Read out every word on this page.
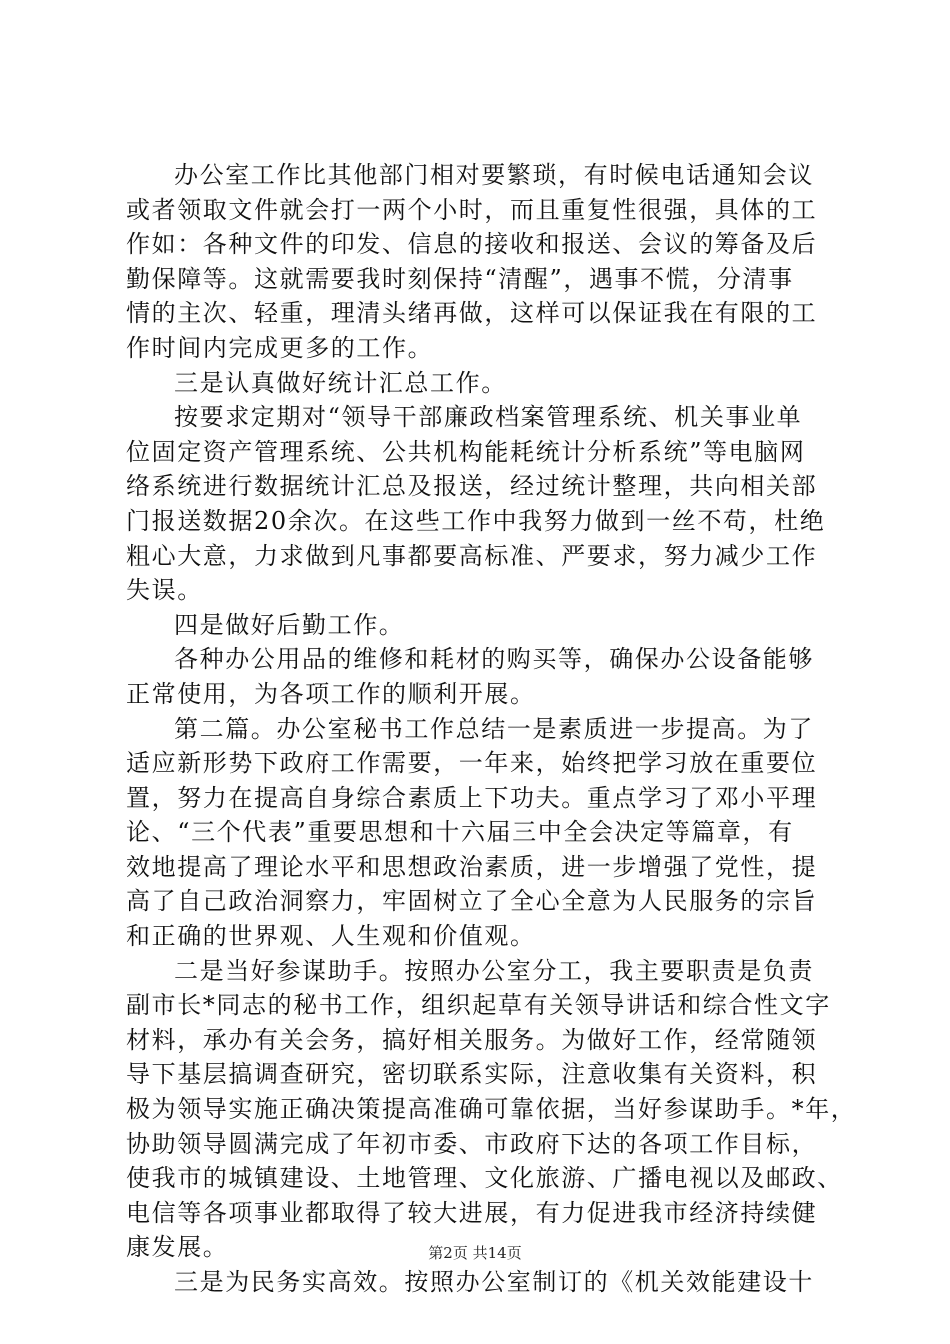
办公室工作比其他部门相对要繁琐，有时候电话通知会议
或者领取文件就会打一两个小时，而且重复性很强，具体的工
作如：各种文件的印发、信息的接收和报送、会议的筹备及后
勤保障等。这就需要我时刻保持“清醒”，遇事不慌，分清事
情的主次、轻重，理清头绪再做，这样可以保证我在有限的工
作时间内完成更多的工作。
三是认真做好统计汇总工作。
按要求定期对“领导干部廉政档案管理系统、机关事业单
位固定资产管理系统、公共机构能耗统计分析系统”等电脑网
络系统进行数据统计汇总及报送，经过统计整理，共向相关部
门报送数据20余次。在这些工作中我努力做到一丝不苟，杜绝
粗心大意，力求做到凡事都要高标准、严要求，努力减少工作
失误。
四是做好后勤工作。
各种办公用品的维修和耗材的购买等，确保办公设备能够
正常使用，为各项工作的顺利开展。
第二篇。办公室秘书工作总结一是素质进一步提高。为了
适应新形势下政府工作需要，一年来，始终把学习放在重要位
置，努力在提高自身综合素质上下功夫。重点学习了邓小平理
论、“三个代表”重要思想和十六届三中全会决定等篇章，有
效地提高了理论水平和思想政治素质，进一步增强了党性，提
高了自己政治洞察力，牢固树立了全心全意为人民服务的宗旨
和正确的世界观、人生观和价值观。
二是当好参谋助手。按照办公室分工，我主要职责是负责
副市长*同志的秘书工作，组织起草有关领导讲话和综合性文字
材料，承办有关会务，搞好相关服务。为做好工作，经常随领
导下基层搞调查研究，密切联系实际，注意收集有关资料，积
极为领导实施正确决策提高准确可靠依据，当好参谋助手。*年，
协助领导圆满完成了年初市委、市政府下达的各项工作目标，
使我市的城镇建设、土地管理、文化旅游、广播电视以及邮政、
电信等各项事业都取得了较大进展，有力促进我市经济持续健
康发展。
三是为民务实高效。按照办公室制订的《机关效能建设十
第2页 共14页
